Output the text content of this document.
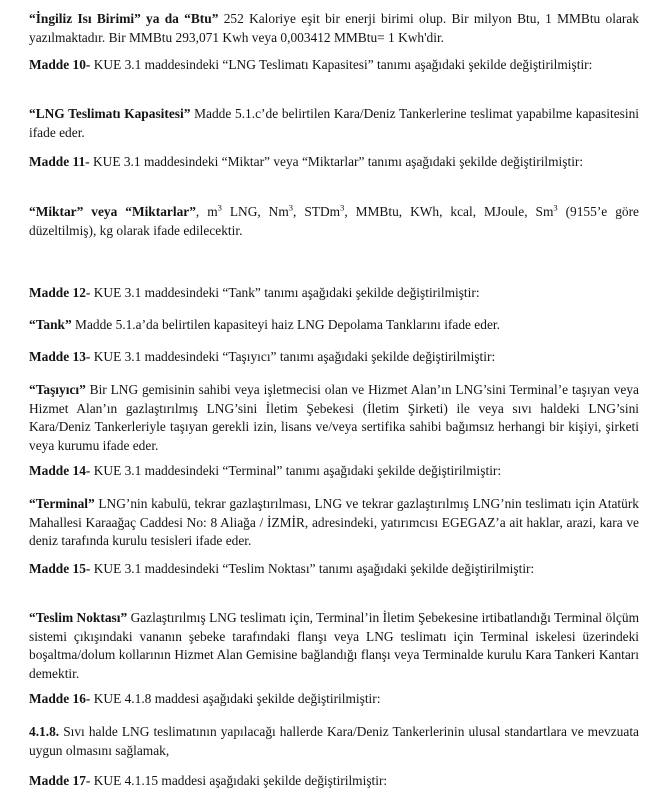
“İngiliz Isı Birimi” ya da “Btu” 252 Kaloriye eşit bir enerji birimi olup. Bir milyon Btu, 1 MMBtu olarak yazılmaktadır. Bir MMBtu 293,071 Kwh veya 0,003412 MMBtu= 1 Kwh'dir.

Madde 10- KUE 3.1 maddesindeki “LNG Teslimatı Kapasitesi” tanımı aşağıdaki şekilde değiştirilmiştir:

“LNG Teslimatı Kapasitesi” Madde 5.1.c’de belirtilen Kara/Deniz Tankerlerine teslimat yapabilme kapasitesini ifade eder.

Madde 11- KUE 3.1 maddesindeki “Miktar” veya “Miktarlar” tanımı aşağıdaki şekilde değiştirilmiştir:

“Miktar” veya “Miktarlar”, $m^3$ LNG, Nm$^3$, STDm$^3$, MMBtu, KWh, kcal, MJoule, Sm$^3$ (9155’e göre düzeltilmiş), kg olarak ifade edilecektir.

Madde 12- KUE 3.1 maddesindeki “Tank” tanımı aşağıdaki şekilde değiştirilmiştir:

“Tank” Madde 5.1.a’da belirtilen kapasiteyi haiz LNG Depolama Tanklarını ifade eder.

Madde 13- KUE 3.1 maddesindeki “Taşıyıcı” tanımı aşağıdaki şekilde değiştirilmiştir:

“Taşıyıcı” Bir LNG gemisinin sahibi veya işletmecisi olan ve Hizmet Alan’ın LNG’sini Terminal’e taşıyan veya Hizmet Alan’ın gazlaştırılmış LNG’sini İletim Şebekesi (İletim Şirketi) ile veya sıvı haldeki LNG’sini Kara/Deniz Tankerleriyle taşıyan gerekli izin, lisans ve/veya sertifika sahibi bağımsız herhangi bir kişiyi, şirketi veya kurumu ifade eder.

Madde 14- KUE 3.1 maddesindeki “Terminal” tanımı aşağıdaki şekilde değiştirilmiştir:

“Terminal” LNG’nin kabulü, tekrar gazlaştırılması, LNG ve tekrar gazlaştırılmış LNG’nin teslimatı için Atatürk Mahallesi Karaağaç Caddesi No: 8 Aliağa / İZMİR, adresindeki, yatırımcısı EGEGAZ’a ait haklar, arazi, kara ve deniz tarafında kurulu tesisleri ifade eder.

Madde 15- KUE 3.1 maddesindeki “Teslim Noktası” tanımı aşağıdaki şekilde değiştirilmiştir:

“Teslim Noktası” Gazlaştırılmış LNG teslimatı için, Terminal’in İletim Şebekesine irtibatlandığı Terminal ölçüm sistemi çıkışındaki vananın şebeke tarafındaki flanşı veya LNG teslimatı için Terminal iskelesi üzerindeki boşaltma/dolum kollarının Hizmet Alan Gemisine bağlandığı flanşı veya Terminalde kurulu Kara Tankeri Kantarı demektir.

Madde 16- KUE 4.1.8 maddesi aşağıdaki şekilde değiştirilmiştir:

4.1.8. Sıvı halde LNG teslimatının yapılacağı hallerde Kara/Deniz Tankerlerinin ulusal standartlara ve mevzuata uygun olmasını sağlamak,

Madde 17- KUE 4.1.15 maddesi aşağıdaki şekilde değiştirilmiştir:
